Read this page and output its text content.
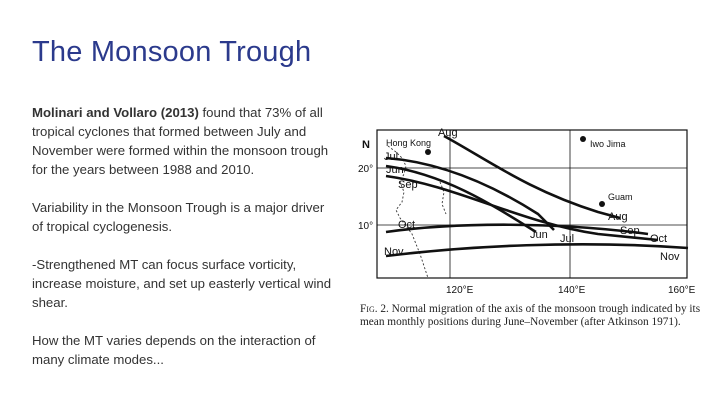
The Monsoon Trough

Molinari and Vollaro (2013) found that 73% of all tropical cyclones that formed between July and November were formed within the monsoon trough for the years between 1988 and 2010.

Variability in the Monsoon Trough is a major driver of tropical cyclogenesis.

-Strengthened MT can focus surface vorticity, increase moisture, and set up easterly vertical wind shear.

How the MT varies depends on the interaction of many climate modes...

N
20°
10°
120°E	140°E	160°E
Hong Kong	Iwo Jima
Guam
Aug
Jul
Jun
Sep
Oct
Nov
Aug
Sep
Oct
Nov
Jun Jul
Fig. 2. Normal migration of the axis of the monsoon trough indicated by its mean monthly positions during June–November (after Atkinson 1971).
